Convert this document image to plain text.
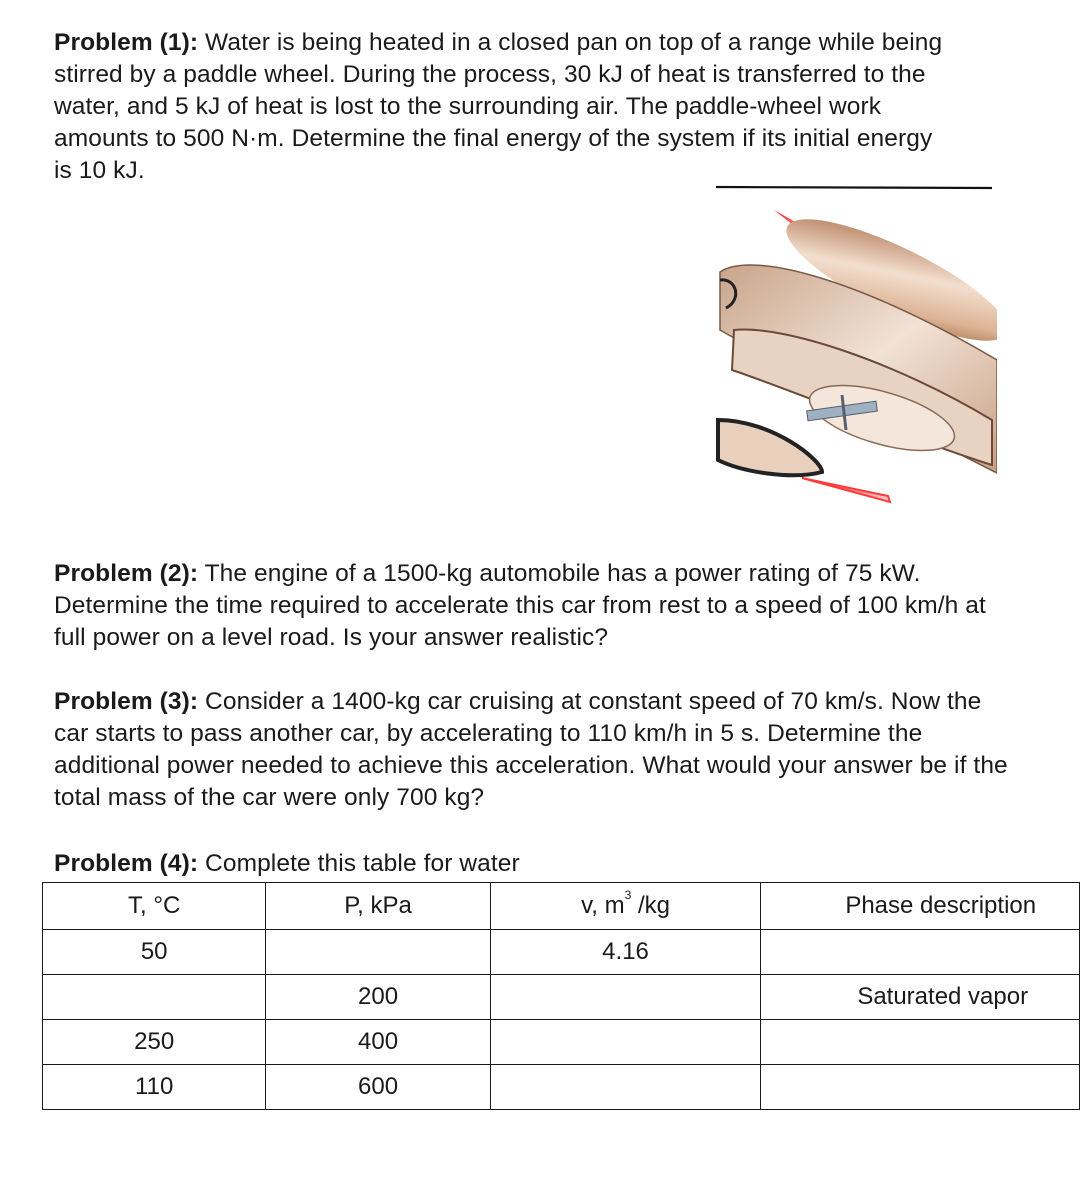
Problem (1): Water is being heated in a closed pan on top of a range while being stirred by a paddle wheel. During the process, 30 kJ of heat is transferred to the water, and 5 kJ of heat is lost to the surrounding air. The paddle-wheel work amounts to 500 N·m. Determine the final energy of the system if its initial energy is 10 kJ.
Problem (2): The engine of a 1500-kg automobile has a power rating of 75 kW. Determine the time required to accelerate this car from rest to a speed of 100 km/h at full power on a level road. Is your answer realistic?
Problem (3): Consider a 1400-kg car cruising at constant speed of 70 km/s. Now the car starts to pass another car, by accelerating to 110 km/h in 5 s. Determine the additional power needed to achieve this acceleration. What would your answer be if the total mass of the car were only 700 kg?
Problem (4): Complete this table for water
T, °C	P, kPa	v, $m^3$ /kg	Phase description
50		4.16	
	200		Saturated vapor
250	400		
110	600		
